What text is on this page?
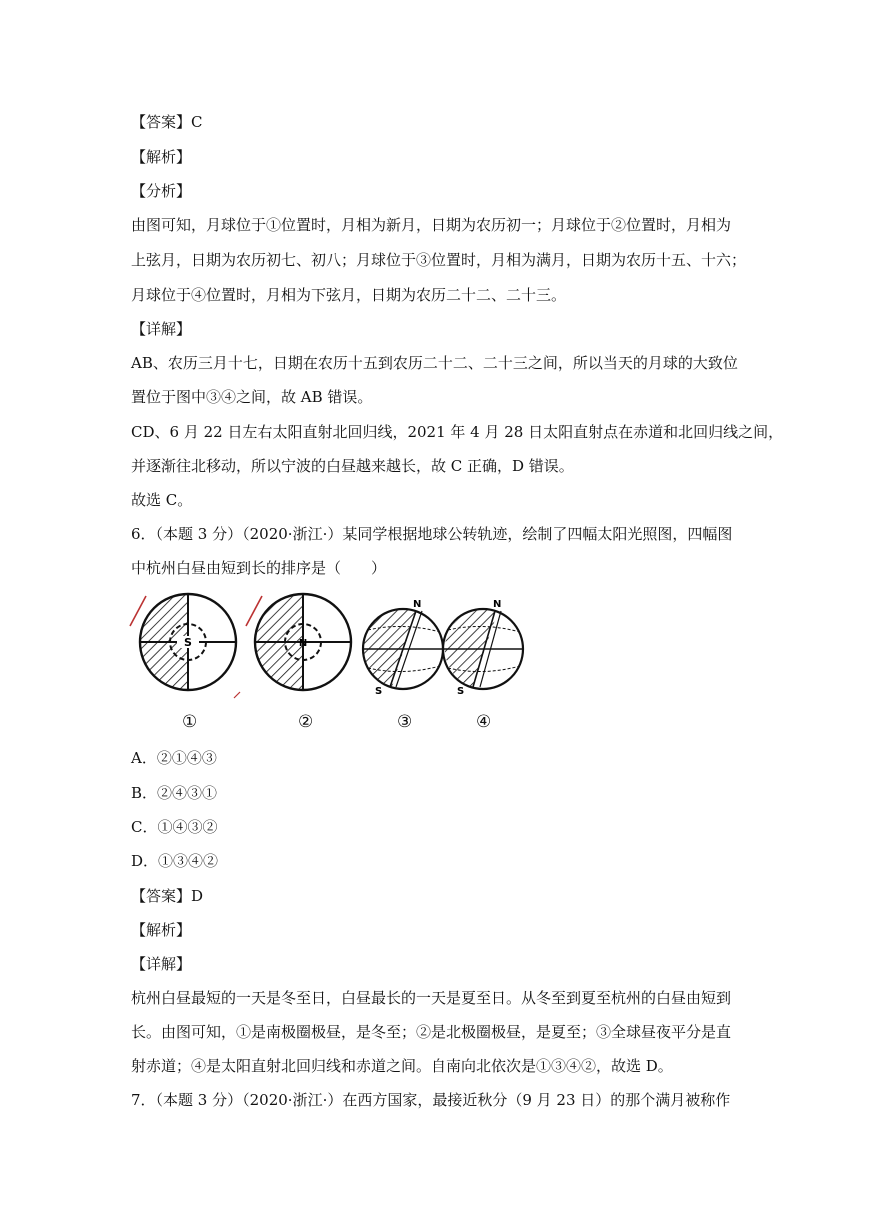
【答案】C
【解析】
【分析】
由图可知，月球位于①位置时，月相为新月，日期为农历初一；月球位于②位置时，月相为
上弦月，日期为农历初七、初八；月球位于③位置时，月相为满月，日期为农历十五、十六；
月球位于④位置时，月相为下弦月，日期为农历二十二、二十三。
【详解】
AB、农历三月十七，日期在农历十五到农历二十二、二十三之间，所以当天的月球的大致位
置位于图中③④之间，故 AB 错误。
CD、6 月 22 日左右太阳直射北回归线，2021 年 4 月 28 日太阳直射点在赤道和北回归线之间，
并逐渐往北移动，所以宁波的白昼越来越长，故 C 正确，D 错误。
故选 C。
6．（本题 3 分）（2020·浙江·）某同学根据地球公转轨迹，绘制了四幅太阳光照图，四幅图
中杭州白昼由短到长的排序是（　　）
S	N
N
S
N
S
①	②	③	④
A．②①④③
B．②④③①
C．①④③②
D．①③④②
【答案】D
【解析】
【详解】
杭州白昼最短的一天是冬至日，白昼最长的一天是夏至日。从冬至到夏至杭州的白昼由短到
长。由图可知，①是南极圈极昼，是冬至；②是北极圈极昼，是夏至；③全球昼夜平分是直
射赤道；④是太阳直射北回归线和赤道之间。自南向北依次是①③④②，故选 D。
7．（本题 3 分）（2020·浙江·）在西方国家，最接近秋分（9 月 23 日）的那个满月被称作
